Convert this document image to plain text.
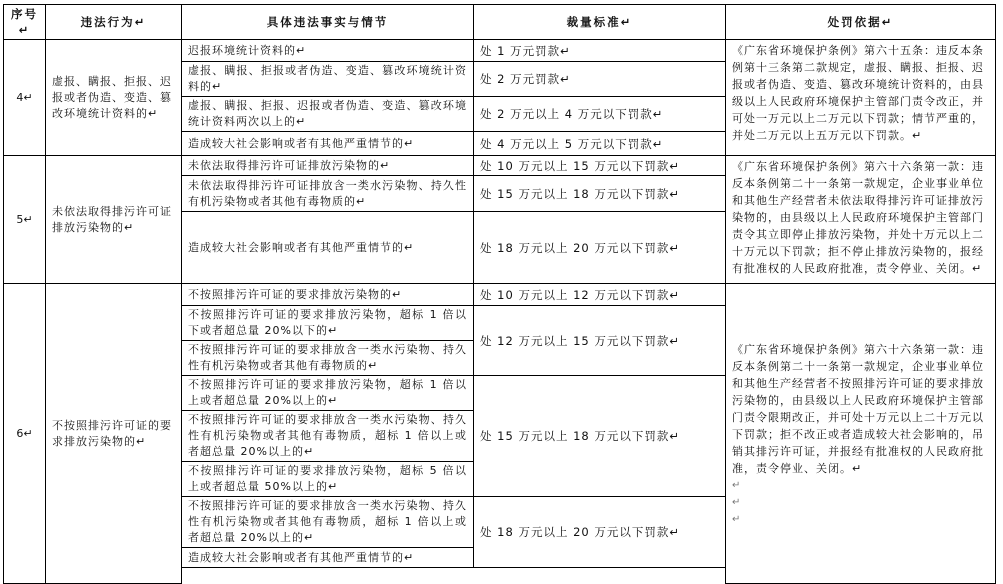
序号↵	违法行为↵	具体违法事实与情节	裁量标准↵	处罚依据↵
4↵	虚报、瞒报、拒报、迟报或者伪造、变造、篡改环境统计资料的↵	迟报环境统计资料的↵	处 1 万元罚款↵	《广东省环境保护条例》第六十五条：违反本条例第十三条第二款规定，虚报、瞒报、拒报、迟报或者伪造、变造、篡改环境统计资料的，由县级以上人民政府环境保护主管部门责令改正，并可处一万元以上二万元以下罚款；情节严重的，并处二万元以上五万元以下罚款。↵
		虚报、瞒报、拒报或者伪造、变造、篡改环境统计资料的↵	处 2 万元罚款↵	
		虚报、瞒报、拒报、迟报或者伪造、变造、篡改环境统计资料两次以上的↵	处 2 万元以上 4 万元以下罚款↵	
		造成较大社会影响或者有其他严重情节的↵	处 4 万元以上 5 万元以下罚款↵	
5↵	未依法取得排污许可证排放污染物的↵	未依法取得排污许可证排放污染物的↵	处 10 万元以上 15 万元以下罚款↵	《广东省环境保护条例》第六十六条第一款：违反本条例第二十一条第一款规定，企业事业单位和其他生产经营者未依法取得排污许可证排放污染物的，由县级以上人民政府环境保护主管部门责令其立即停止排放污染物，并处十万元以上二十万元以下罚款；拒不停止排放污染物的，报经有批准权的人民政府批准，责令停业、关闭。↵
		未依法取得排污许可证排放含一类水污染物、持久性有机污染物或者其他有毒物质的↵	处 15 万元以上 18 万元以下罚款↵	
		造成较大社会影响或者有其他严重情节的↵	处 18 万元以上 20 万元以下罚款↵	
6↵	不按照排污许可证的要求排放污染物的↵	不按照排污许可证的要求排放污染物的↵	处 10 万元以上 12 万元以下罚款↵	《广东省环境保护条例》第六十六条第一款：违反本条例第二十一条第一款规定，企业事业单位和其他生产经营者不按照排污许可证的要求排放污染物的，由县级以上人民政府环境保护主管部门责令限期改正，并可处十万元以上二十万元以下罚款；拒不改正或者造成较大社会影响的，吊销其排污许可证，并报经有批准权的人民政府批准，责令停业、关闭。↵
↵
↵
↵

		不按照排污许可证的要求排放污染物，超标 1 倍以下或者超总量 20%以下的↵	处 12 万元以上 15 万元以下罚款↵	
		不按照排污许可证的要求排放含一类水污染物、持久性有机污染物或者其他有毒物质的↵		
		不按照排污许可证的要求排放污染物，超标 1 倍以上或者超总量 20%以上的↵	处 15 万元以上 18 万元以下罚款↵	
		不按照排污许可证的要求排放含一类水污染物、持久性有机污染物或者其他有毒物质，超标 1 倍以上或者超总量 20%以上的↵		
		不按照排污许可证的要求排放污染物，超标 5 倍以上或者超总量 50%以上的↵		
		不按照排污许可证的要求排放含一类水污染物、持久性有机污染物或者其他有毒物质，超标 1 倍以上或者超总量 20%以上的↵	处 18 万元以上 20 万元以下罚款↵	
		造成较大社会影响或者有其他严重情节的↵		
